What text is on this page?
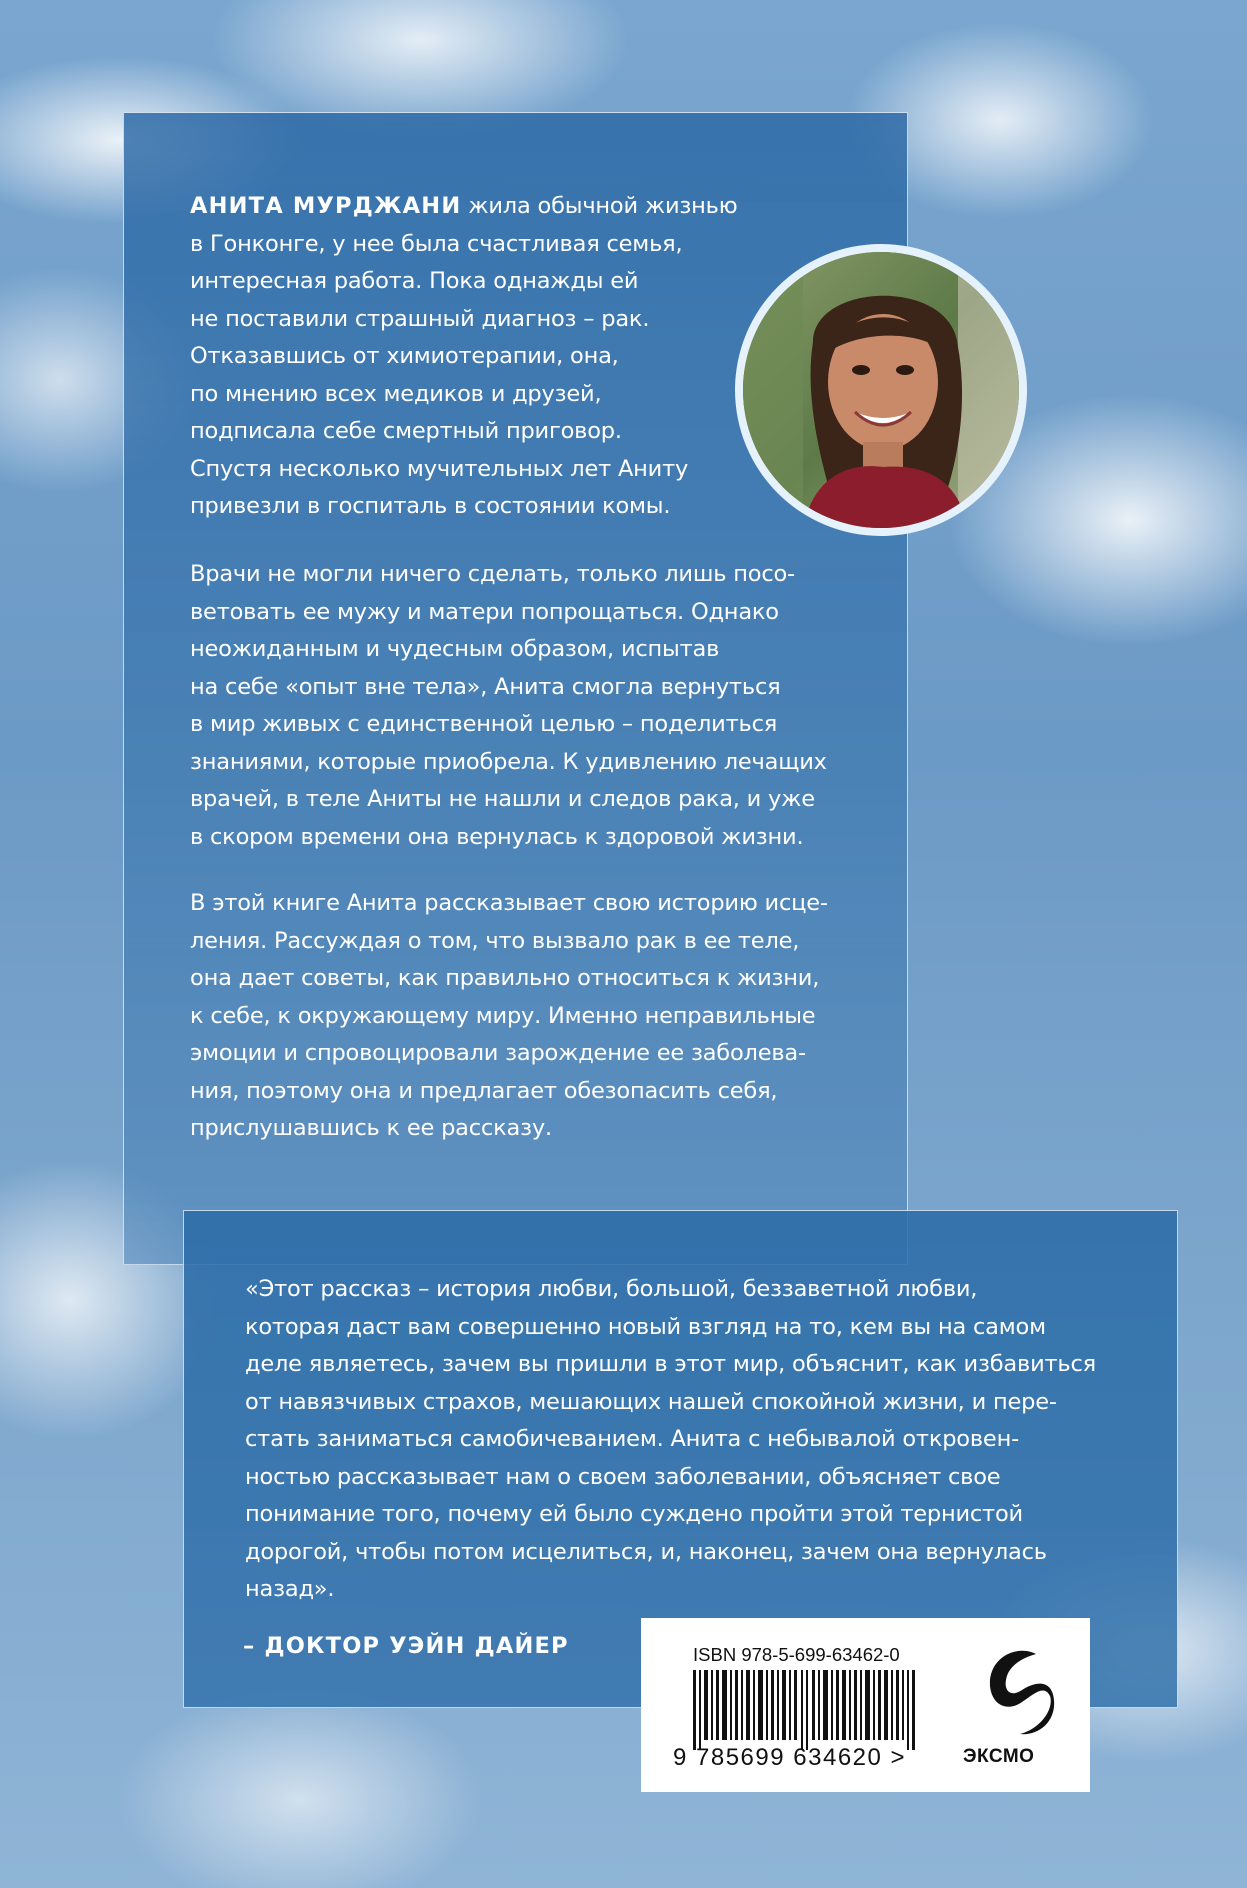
АНИТА МУРДЖАНИ жила обычной жизнью
в Гонконге, у нее была счастливая семья,
интересная работа. Пока однажды ей
не поставили страшный диагноз – рак.
Отказавшись от химиотерапии, она,
по мнению всех медиков и друзей,
подписала себе смертный приговор.
Спустя несколько мучительных лет Аниту
привезли в госпиталь в состоянии комы.

Врачи не могли ничего сделать, только лишь посо-
ветовать ее мужу и матери попрощаться. Однако
неожиданным и чудесным образом, испытав
на себе «опыт вне тела», Анита смогла вернуться
в мир живых с единственной целью – поделиться
знаниями, которые приобрела. К удивлению лечащих
врачей, в теле Аниты не нашли и следов рака, и уже
в скором времени она вернулась к здоровой жизни.

В этой книге Анита рассказывает свою историю исце-
ления. Рассуждая о том, что вызвало рак в ее теле,
она дает советы, как правильно относиться к жизни,
к себе, к окружающему миру. Именно неправильные
эмоции и спровоцировали зарождение ее заболева-
ния, поэтому она и предлагает обезопасить себя,
прислушавшись к ее рассказу.

«Этот рассказ – история любви, большой, беззаветной любви,
которая даст вам совершенно новый взгляд на то, кем вы на самом
деле являетесь, зачем вы пришли в этот мир, объяснит, как избавиться
от навязчивых страхов, мешающих нашей спокойной жизни, и пере-
стать заниматься самобичеванием. Анита с небывалой откровен-
ностью рассказывает нам о своем заболевании, объясняет свое
понимание того, почему ей было суждено пройти этой тернистой
дорогой, чтобы потом исцелиться, и, наконец, зачем она вернулась
назад».

– ДОКТОР УЭЙН ДАЙЕР	ISBN 978-5-699-63462-0

9 785699 634620 >	ЭКСМО
